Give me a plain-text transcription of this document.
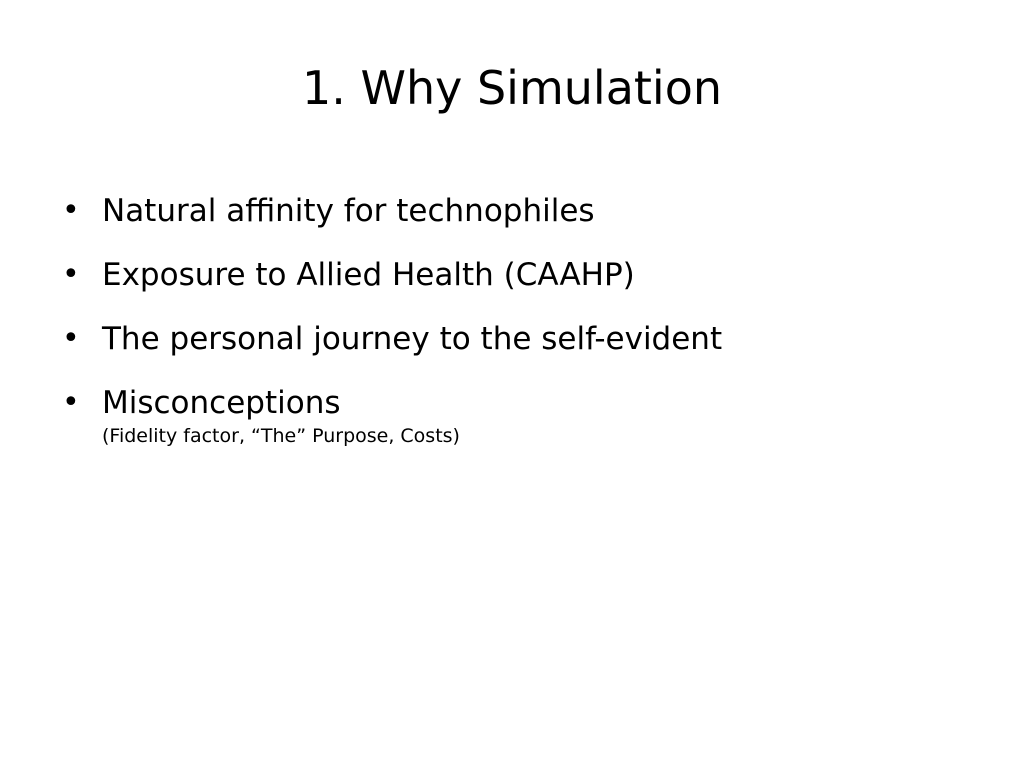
1. Why Simulation
• Natural affinity for technophiles
• Exposure to Allied Health (CAAHP)
• The personal journey to the self-evident
• Misconceptions
(Fidelity factor, “The” Purpose, Costs)
